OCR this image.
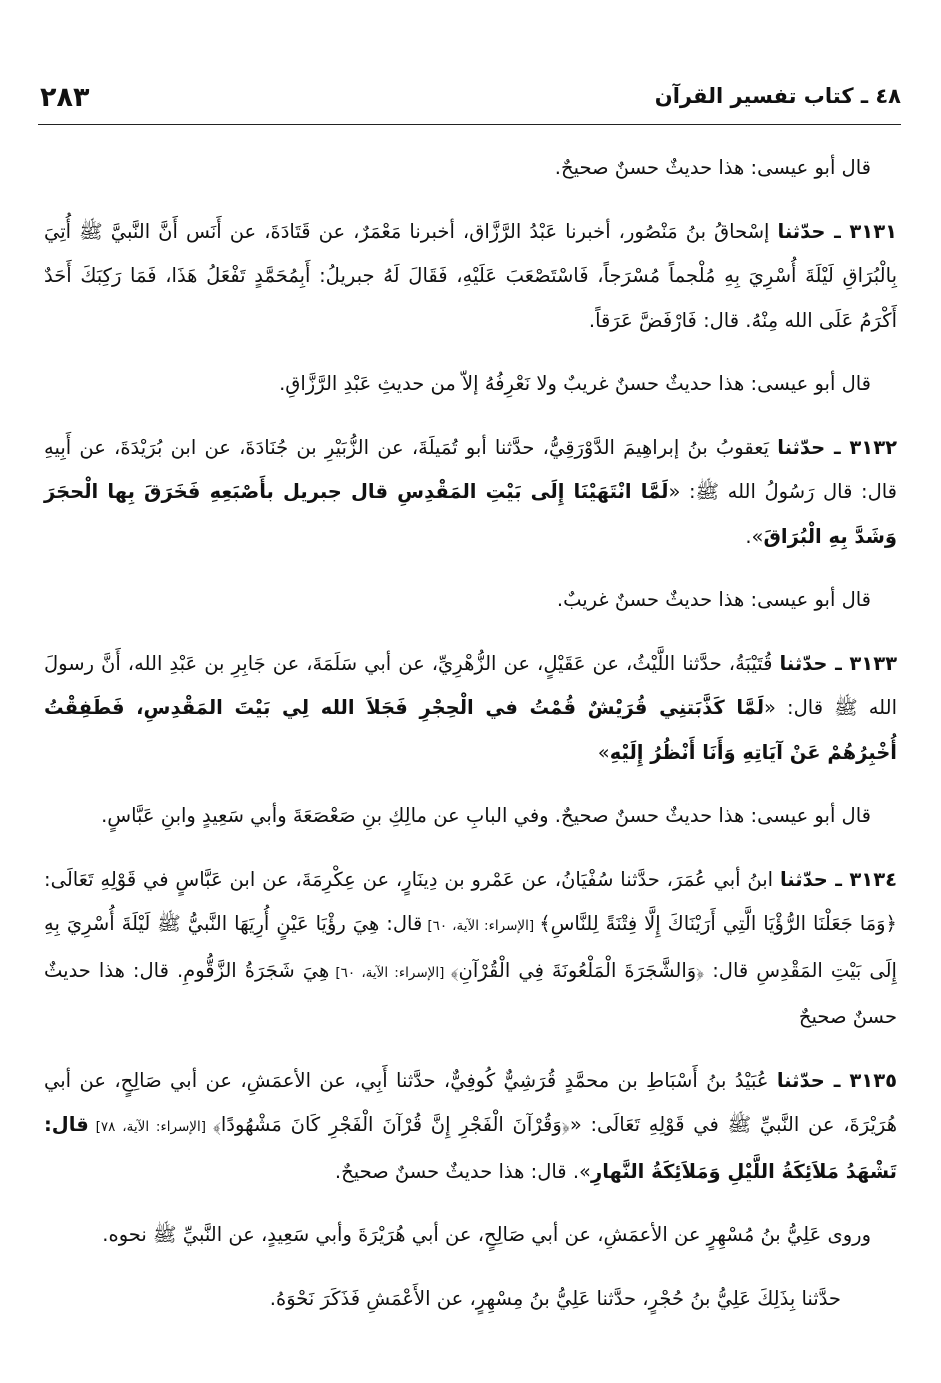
٤٨ ـ كتاب تفسير القرآن
٢٨٣

قال أبو عيسى: هذا حديثٌ حسنٌ صحيحٌ.

٣١٣١ ـ حدّثنا إسْحاقُ بنُ مَنْصُور، أخبرنا عَبْدُ الرَّزَّاق، أخبرنا مَعْمَرٌ، عن قَتَادَةَ، عن أَنَس أَنَّ النَّبيَّ ﷺ أُتِيَ بِالْبُرَاقِ لَيْلَةَ أُسْرِيَ بِهِ مُلْجماً مُسْرَجاً، فَاسْتَصْعَبَ عَلَيْهِ، فَقَالَ لَهُ جبريلُ: أَبِمُحَمَّدٍ تَفْعَلُ هَذَا، فَمَا رَكِبَكَ أَحَدٌ أَكْرَمُ عَلَى الله مِنْهُ. قال: فَارْفَضَّ عَرَقاً.

قال أبو عيسى: هذا حديثٌ حسنٌ غريبٌ ولا نَعْرِفُهُ إلاّ من حديثِ عَبْدِ الرَّزَّاقِ.

٣١٣٢ ـ حدّثنا يَعقوبُ بنُ إبراهِيمَ الدَّوْرَقِيُّ، حدَّثنا أبو تُمَيلَةَ، عن الزُّبَيْرِ بن جُنَادَةَ، عن ابن بُرَيْدَةَ، عن أَبِيهِ قال: قال رَسُولُ الله ﷺ: «لَمَّا انْتَهَيْنَا إِلَى بَيْتِ المَقْدِسِ قال جبريل بأَصْبَعِهِ فَخَرَقَ بِها الْحجَرَ وَشَدَّ بِهِ الْبُرَاقَ».

قال أبو عيسى: هذا حديثٌ حسنٌ غريبٌ.

٣١٣٣ ـ حدّثنا قُتَيْبَةُ، حدَّثنا اللَّيْثُ، عن عَقَيْلٍ، عن الزُّهْرِيِّ، عن أبي سَلَمَةَ، عن جَابِرِ بن عَبْدِ الله، أَنَّ رسولَ الله ﷺ قال: «لَمَّا كَذَّبَتنِي قُرَيْشٌ قُمْتُ في الْحِجْرِ فَجَلاَ الله لِي بَيْتَ المَقْدِسِ، فَطَفِقْتُ أُخْبِرُهُمْ عَنْ آيَاتِهِ وَأَنَا أَنْظُرُ إِلَيْهِ»

قال أبو عيسى: هذا حديثٌ حسنٌ صحيحٌ. وفي البابِ عن مالِكِ بنِ صَعْصَعَةَ وأبي سَعِيدٍ وابنِ عَبَّاسٍ.

٣١٣٤ ـ حدّثنا ابنُ أبي عُمَرَ، حدَّثنا سُفْيَانُ، عن عَمْرو بن دِينَارٍ، عن عِكْرِمَةَ، عن ابن عَبَّاسٍ في قَوْلِهِ تَعَالَى: ﴿وَمَا جَعَلْنَا الرُّؤْيَا الَّتِي أَرَيْنَاكَ إِلَّا فِتْنَةً لِلنَّاسِ﴾ [الإسراء: الآية، ٦٠] قال: هِيَ رؤْيَا عَيْنٍ أُرِيَهَا النَّبيُّ ﷺ لَيْلَةَ أُسْرِيَ بِهِ إِلَى بَيْتِ المَقْدِسِ قال: ﴿وَالشَّجَرَةَ الْمَلْعُونَةَ فِي الْقُرْآنِ﴾ [الإسراء: الآية، ٦٠] هِيَ شَجَرَةُ الزَّقُّومِ. قال: هذا حديثٌ حسنٌ صحيحٌ

٣١٣٥ ـ حدّثنا عُبَيْدُ بنُ أَسْبَاطِ بن محمَّدٍ قُرَشِيٌّ كُوفِيٌّ، حدَّثنا أَبِي، عن الأعمَشِ، عن أبي صَالِحٍ، عن أبي هُرَيْرَةَ، عن النَّبيِّ ﷺ في قَوْلِهِ تَعَالَى: «﴿وَقُرْآنَ الْفَجْرِ إِنَّ قُرْآنَ الْفَجْرِ كَانَ مَشْهُودًا﴾ [الإسراء: الآية، ٧٨] قال: تَشْهَدُ مَلاَئِكَةُ اللَّيْلِ وَمَلاَئِكَةُ النَّهارِ». قال: هذا حديثٌ حسنٌ صحيحٌ.

وروى عَلِيُّ بنُ مُسْهِرٍ عن الأعمَشِ، عن أبي صَالِحٍ، عن أبي هُرَيْرَةَ وأبي سَعِيدٍ، عن النَّبيِّ ﷺ نحوه.

حدَّثنا بِذَلِكَ عَلِيُّ بنُ حُجْرٍ، حدَّثنا عَلِيُّ بنُ مِسْهِرٍ، عن الأَعْمَشِ فَذَكَرَ نَحْوَهُ.
